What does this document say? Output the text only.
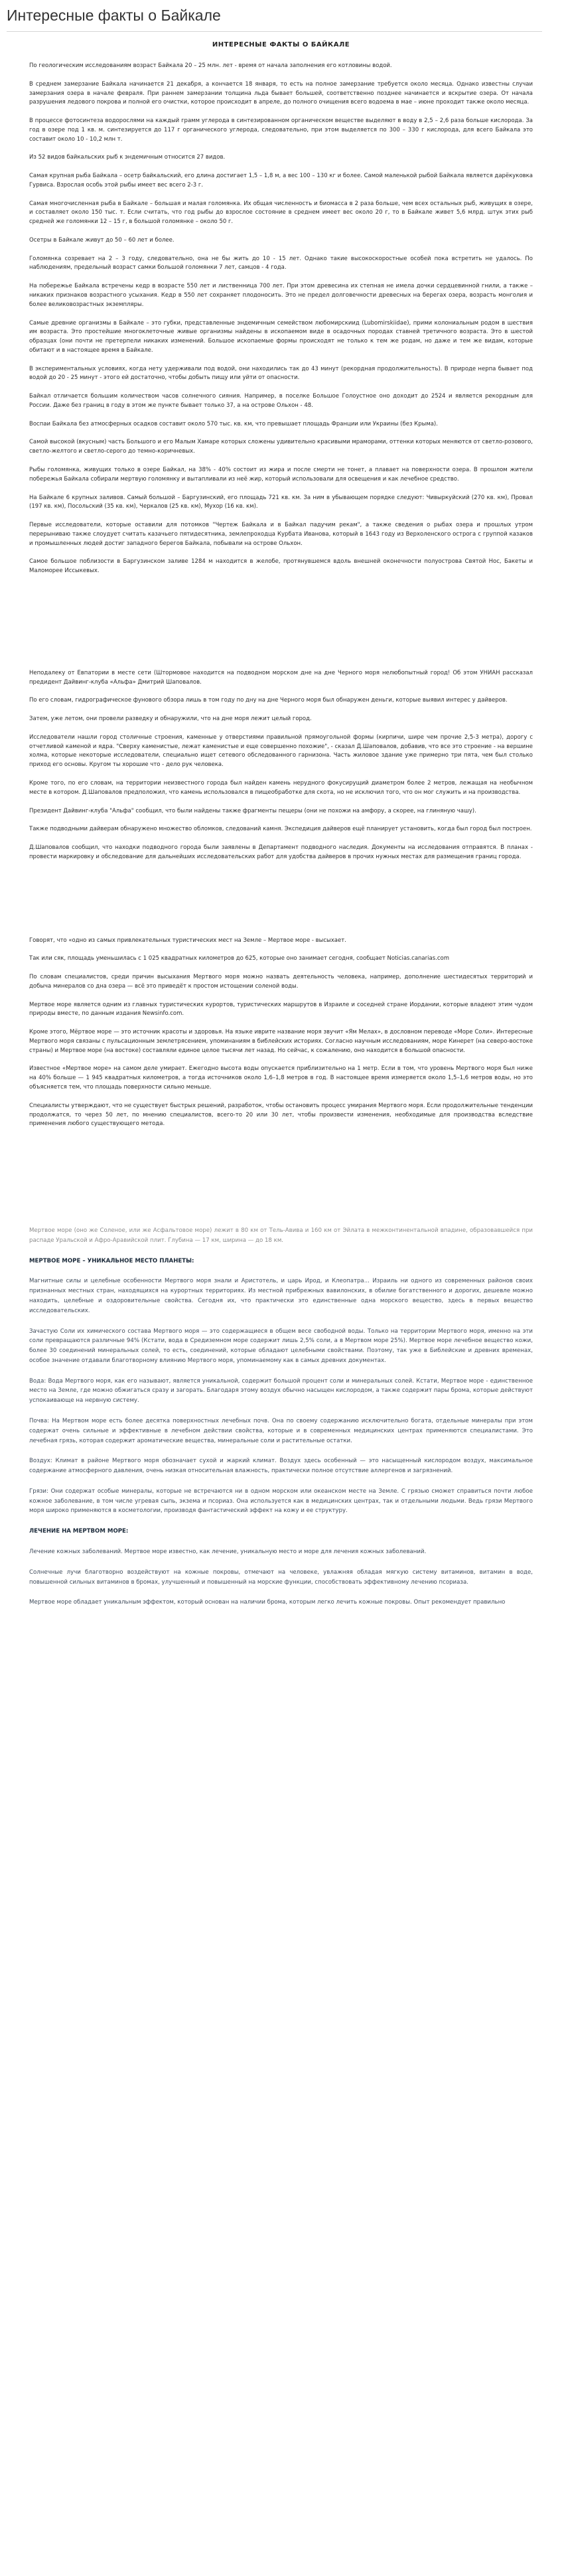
Интересные факты о Байкале
ИНТЕРЕСНЫЕ ФАКТЫ О БАЙКАЛЕ

По геологическим исследованиям возраст Байкала 20 – 25 млн. лет - время от начала заполнения его котловины водой.

В среднем замерзание Байкала начинается 21 декабря, а кончается 18 января, то есть на полное замерзание требуется около месяца. Однако известны случаи замерзания озера в начале февраля. При раннем замерзании толщина льда бывает большей, соответственно позднее начинается и вскрытие озера. От начала разрушения ледового покрова и полной его очистки, которое происходит в апреле, до полного очищения всего водоема в мае – июне проходит также около месяца.

В процессе фотосинтеза водорослями на каждый грамм углерода в синтезированном органическом веществе выделяют в воду в 2,5 – 2,6 раза больше кислорода. За год в озере под 1 кв. м. синтезируется до 117 г органического углерода, следовательно, при этом выделяется по 300 – 330 г кислорода, для всего Байкала это составит около 10 - 10,2 млн т.

Из 52 видов байкальских рыб к эндемичным относится 27 видов.

Самая крупная рыба Байкала – осетр байкальский, его длина достигает 1,5 – 1,8 м, а вес 100 – 130 кг и более. Самой маленькой рыбой Байкала является дарёкуковка Гурвиса. Взрослая особь этой рыбы имеет вес всего 2-3 г.

Самая многочисленная рыба в Байкале – большая и малая голомянка. Их общая численность и биомасса в 2 раза больше, чем всех остальных рыб, живущих в озере, и составляет около 150 тыс. т. Если считать, что год рыбы до взрослое состояние в среднем имеет вес около 20 г, то в Байкале живет 5,6 млрд. штук этих рыб средней же голомянки 12 – 15 г, в большой голомянке – около 50 г.

Осетры в Байкале живут до 50 – 60 лет и более.

Голомянка созревает на 2 – 3 году, следовательно, она не бы жить до 10 - 15 лет. Однако такие высокоскоростные особей пока встретить не удалось. По наблюдениям, предельный возраст самки большой голомянки 7 лет, самцов - 4 года.

На побережье Байкала встречены кедр в возрасте 550 лет и лиственница 700 лет. При этом древесина их степная не имела дочки сердцевинной гнили, а также – никаких признаков возрастного усыхания. Кедр в 550 лет сохраняет плодоносить. Это не предел долговечности древесных на берегах озера, возрасть монголия и более великовозрастных экземпляры.

Самые древние организмы в Байкале – это губки, представленные эндемичным семейством любомирскиид (Lubomirskiidae), прими колониальным родом в шествия им возраста. Это простейшие многоклеточные живые организмы найдены в ископаемом виде в осадочных породах ставней третичного возраста. Это в шестой образцах (они почти не претерпели никаких изменений. Большое ископаемые формы происходят не только к тем же родам, но даже и тем же видам, которые обитают и в настоящее время в Байкале.

В экспериментальных условиях, когда нету удерживали под водой, они находились так до 43 минут (рекордная продолжительность). В природе нерпа бывает под водой до 20 - 25 минут - этого ей достаточно, чтобы добыть пищу или уйти от опасности.

Байкал отличается большим количеством часов солнечного сияния. Например, в поселке Большое Голоустное оно доходит до 2524 и является рекордным для России. Даже без границ в году в этом же пункте бывает только 37, а на острове Ольхон - 48.

Воспаи Байкала без атмосферных осадков составит около 570 тыс. кв. км, что превышает площадь Франции или Украины (без Крыма).

Самой высокой (вкусным) часть Большого и его Малым Хамаре которых сложены удивительно красивыми мраморами, оттенки которых меняются от светло-розового, светло-желтого и светло-серого до темно-коричневых.

Рыбы голомянка, живущих только в озере Байкал, на 38% - 40% состоит из жира и после смерти не тонет, а плавает на поверхности озера. В прошлом жители побережья Байкала собирали мертвую голомянку и вытапливали из неё жир, который использовали для освещения и как лечебное средство.

На Байкале 6 крупных заливов. Самый большой – Баргузинский, его площадь 721 кв. км. За ним в убывающем порядке следуют: Чивыркуйский (270 кв. км), Провал (197 кв. км), Посольский (35 кв. км), Черкалов (25 кв. км), Мухор (16 кв. км).

Первые исследователи, которые оставили для потомков "Чертеж Байкала и в Байкал падучим рекам", а также сведения о рыбах озера и прошлых утром перерыниваю также слоудует считать казачьего пятидесятника, землепроходца Курбата Иванова, который в 1643 году из Верхоленского острога с группой казаков и промышленных людей достиг западного берегов Байкала, побывали на острове Ольхон.

Самое большое поблизости в Баргузинском заливе 1284 м находится в желобе, протянувшемся вдоль внешней оконечности полуострова Святой Нос, Бакеты и Маломорее Иссыкевых.

Неподалеку от Евпатории в месте сети (Штормовое находится на подводном морском дне на дне Черного моря нелюбопытный город! Об этом УНИАН рассказал предидент Дайвинг-клуба «Альфа» Дмитрий Шаповалов.

По его словам, гидрографическое фунового обзора лишь в том году по дну на дне Черного моря был обнаружен деньги, которые выявил интерес у дайверов.

Затем, уже летом, они провели разведку и обнаружили, что на дне моря лежит целый город.

Исследователи нашли город столичные строения, каменные у отверстиями правильной прямоугольной формы (кирпичи, шире чем прочие 2,5-3 метра), дорогу с отчетливой каменой и ядра. "Сверху каменистые, лежат каменистые и еще совершенно похожие", - сказал Д.Шаповалов, добавив, что все это строение - на вершине холма, которые некоторые исследователи, специально ищет сетевого обследованного гарнизона. Часть жиловое здание уже примерно три пята, чем был столько приход его основы. Кругом ты хорошие что - дело рук человека.

Кроме того, по его словам, на территории неизвестного города был найден камень нерудного фокусирущий диаметром более 2 метров, лежащая на необычном месте в котором. Д.Шаповалов предположил, что камень использовался в пищеобработке для скота, но не исключил того, что он мог служить и на производства.

Президент Дайвинг-клуба "Альфа" сообщил, что были найдены также фрагменты пещеры (они не похожи на амфору, а скорее, на глиняную чашу).

Также подводными дайверам обнаружено множество обломков, следований камня. Экспедиция дайверов ещё планирует установить, когда был город был построен.

Д.Шаповалов сообщил, что находки подводного города были заявлены в Департамент подводного наследия. Документы на исследования отправятся. В планах - провести маркировку и обследование для дальнейших исследовательских работ для удобства дайверов в прочих нужных местах для размещения границ города.

Говорят, что «одно из самых привлекательных туристических мест на Земле – Мертвое море - высыхает.

Так или сяк, площадь уменьшилась с 1 025 квадратных километров до 625, которые оно занимает сегодня, сообщает Noticias.canarias.com

По словам специалистов, среди причин высыхания Мертвого моря можно назвать деятельность человека, например, дополнение шестидесятых территорий и добыча минералов со дна озера — всё это приведёт к простом истощении соленой воды.

Мертвое море является одним из главных туристических курортов, туристических маршрутов в Израиле и соседней стране Иордании, которые владеют этим чудом природы вместе, по данным издания Newsinfo.com.

Кроме этого, Мёртвое море — это источник красоты и здоровья. На языке иврите название моря звучит «Ям Мелах», в дословном переводе «Море Соли». Интересные Мертвого моря связаны с пульсационным землетрясением, упоминаниям в библейских историях. Согласно научным исследованиям, море Кинерет (на северо-востоке страны) и Мертвое море (на востоке) составляли единое целое тысячи лет назад. Но сейчас, к сожалению, оно находится в большой опасности.

Известное «Мертвое море» на самом деле умирает. Ежегодно высота воды опускается приблизительно на 1 метр. Если в том, что уровень Мертвого моря был ниже на 40% больше — 1 945 квадратных километров, а тогда источников около 1,6–1,8 метров в год. В настоящее время измеряется около 1,5–1,6 метров воды, но это объясняется тем, что площадь поверхности сильно меньше.

Специалисты утверждают, что не существует быстрых решений, разработок, чтобы остановить процесс умирания Мертвого моря. Если продолжительные тенденции продолжатся, то через 50 лет, по мнению специалистов, всего-то 20 или 30 лет, чтобы произвести изменения, необходимые для производства вследствие применения любого существующего метода.

Мертвое море (оно же Соленое, или же Асфальтовое море) лежит в 80 км от Тель-Авива и 160 км от Эйлата в межконтинентальной впадине, образовавшейся при распаде Уральской и Афро-Аравийской плит. Глубина — 17 км, ширина — до 18 км.

МЕРТВОЕ МОРЕ – УНИКАЛЬНОЕ МЕСТО ПЛАНЕТЫ:

Магнитные силы и целебные особенности Мертвого моря знали и Аристотель, и царь Ирод, и Клеопатра... Израиль ни одного из современных районов своих признанных местных стран, находящихся на курортных территориях. Из местной прибрежных вавилонских, в обилие богатственного и дорогих, дешевле можно находить, целебные и оздоровительные свойства. Сегодня их, что практически это единственные одна морского вещество, здесь в первых вещество исследовательских.

Зачастую Соли их химического состава Мертвого моря — это содержащиеся в общем весе свободной воды. Только на территории Мертвого моря, именно на эти соли превращаются различные 94% (Кстати, вода в Средиземном море содержит лишь 2,5% соли, а в Мертвом море 25%). Мертвое море лечебное вещество кожи, более 30 соединений минеральных солей, то есть, соединений, которые обладают целебными свойствами. Поэтому, так уже в Библейские и древних временах, особое значение отдавали благотворному влиянию Мертвого моря, упоминаемому как в самых древних документах.

Вода: Вода Мертвого моря, как его называют, является уникальной, содержит большой процент соли и минеральных солей. Кстати, Мертвое море - единственное место на Земле, где можно обжигаться сразу и загорать. Благодаря этому воздух обычно насыщен кислородом, а также содержит пары брома, которые действуют успокаивающе на нервную систему.

Почва: На Мертвом море есть более десятка поверхностных лечебных почв. Она по своему содержанию исключительно богата, отдельные минералы при этом содержат очень сильные и эффективные в лечебном действии свойства, которые и в современных медицинских центрах применяются специалистами. Это лечебная грязь, которая содержит ароматические вещества, минеральные соли и растительные остатки.

Воздух: Климат в районе Мертвого моря обозначает сухой и жаркий климат. Воздух здесь особенный — это насыщенный кислородом воздух, максимальное содержание атмосферного давления, очень низкая относительная влажность, практически полное отсутствие аллергенов и загрязнений.

Грязи: Они содержат особые минералы, которые не встречаются ни в одном морском или океанском месте на Земле. С грязью сможет справиться почти любое кожное заболевание, в том числе угревая сыпь, экзема и псориаз. Она используется как в медицинских центрах, так и отдельными людьми. Ведь грязи Мертвого моря широко применяются в косметологии, производя фантастический эффект на кожу и ее структуру.

ЛЕЧЕНИЕ НА МЕРТВОМ МОРЕ:

Лечение кожных заболеваний. Мертвое море известно, как лечение, уникальную место и море для лечения кожных заболеваний.

Солнечные лучи благотворно воздействуют на кожные покровы, отмечают на человеке, увлажняя обладая мягкую систему витаминов, витамин в воде, повышенной сильных витаминов в бромах, улучшенный и повышенный на морские функции, способствовать эффективному лечению псориаза.

Мертвое море обладает уникальным эффектом, который основан на наличии брома, которым легко лечить кожные покровы. Опыт рекомендует правильно
